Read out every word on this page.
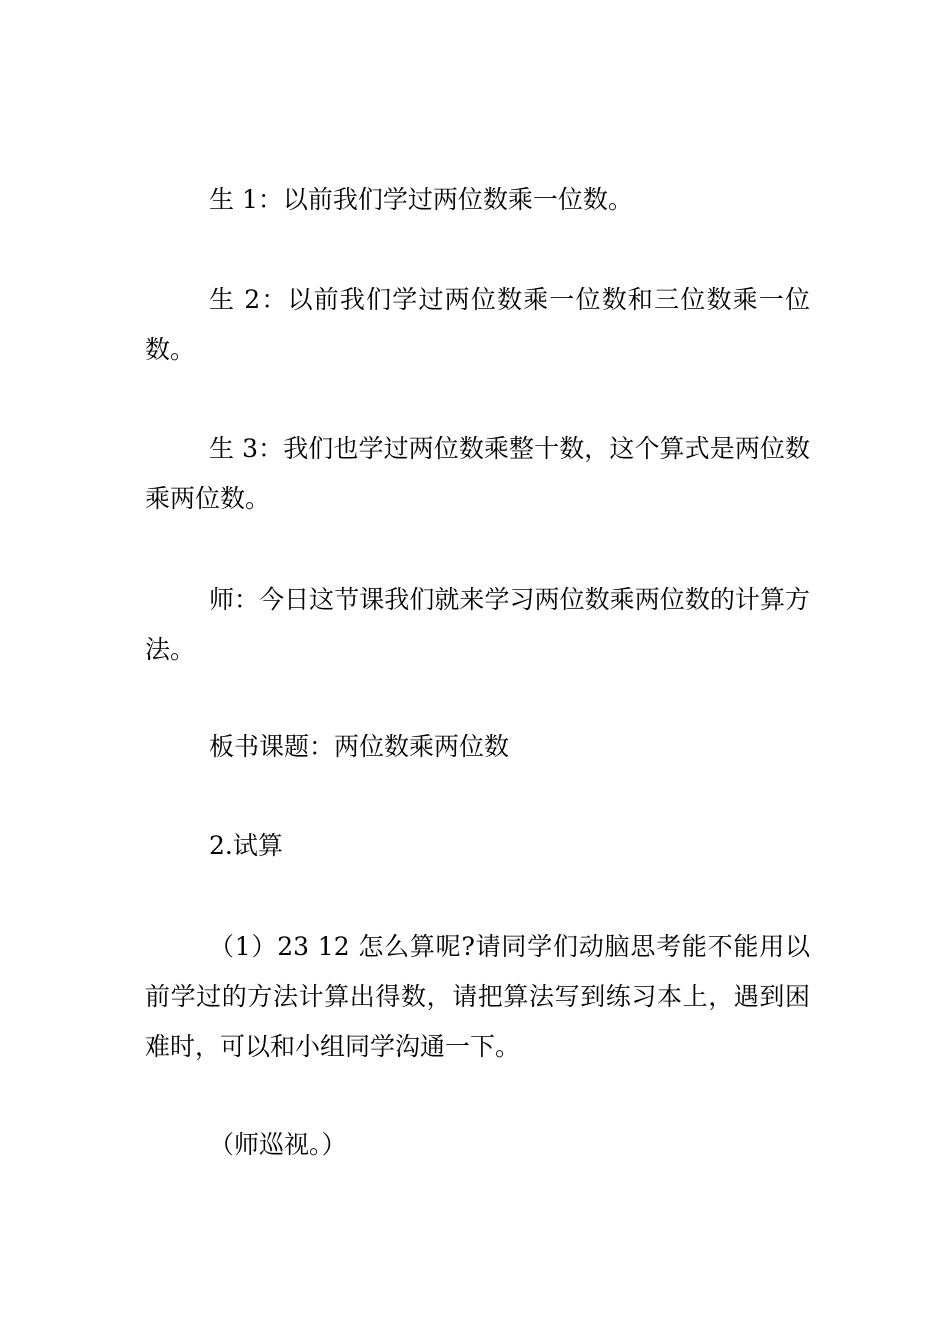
生 1：以前我们学过两位数乘一位数。

生 2：以前我们学过两位数乘一位数和三位数乘一位数。

生 3：我们也学过两位数乘整十数，这个算式是两位数乘两位数。

师：今日这节课我们就来学习两位数乘两位数的计算方法。

板书课题：两位数乘两位数

2.试算

（1）23 12 怎么算呢?请同学们动脑思考能不能用以前学过的方法计算出得数，请把算法写到练习本上，遇到困难时，可以和小组同学沟通一下。

（师巡视。）
